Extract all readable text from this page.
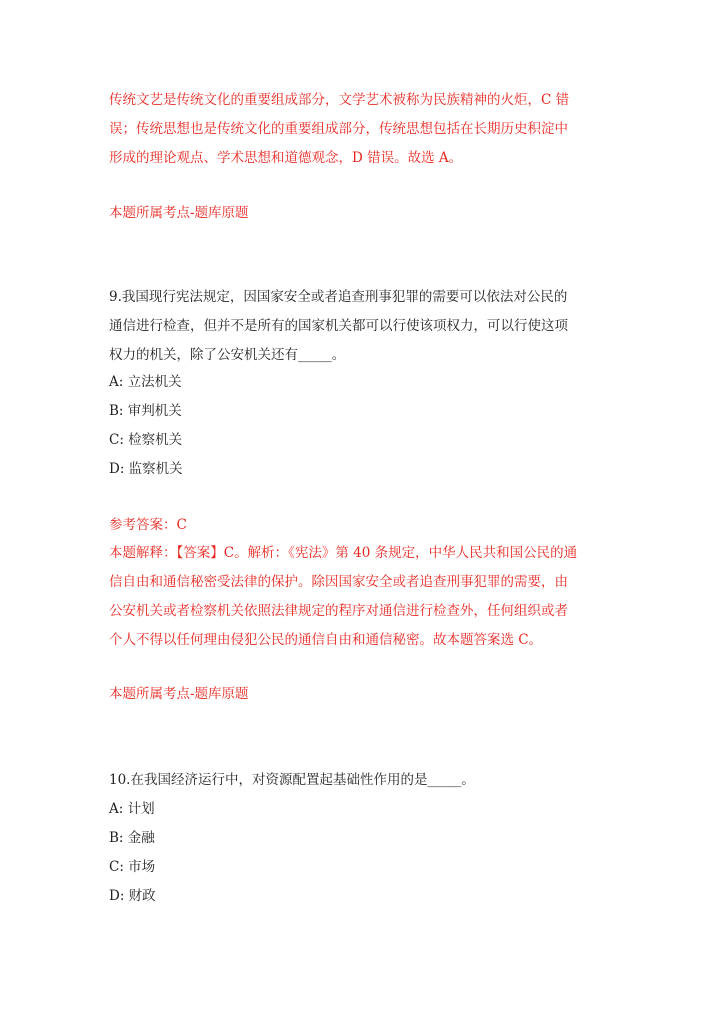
传统文艺是传统文化的重要组成部分，文学艺术被称为民族精神的火炬，C 错
误；传统思想也是传统文化的重要组成部分，传统思想包括在长期历史积淀中
形成的理论观点、学术思想和道德观念，D 错误。故选 A。
本题所属考点-题库原题
9.我国现行宪法规定，因国家安全或者追查刑事犯罪的需要可以依法对公民的
通信进行检查，但并不是所有的国家机关都可以行使该项权力，可以行使这项
权力的机关，除了公安机关还有_____。
A: 立法机关
B: 审判机关
C: 检察机关
D: 监察机关
参考答案：C
本题解释：【答案】C。解析：《宪法》第 40 条规定，中华人民共和国公民的通
信自由和通信秘密受法律的保护。除因国家安全或者追查刑事犯罪的需要，由
公安机关或者检察机关依照法律规定的程序对通信进行检查外，任何组织或者
个人不得以任何理由侵犯公民的通信自由和通信秘密。故本题答案选 C。
本题所属考点-题库原题
10.在我国经济运行中，对资源配置起基础性作用的是_____。
A: 计划
B: 金融
C: 市场
D: 财政
